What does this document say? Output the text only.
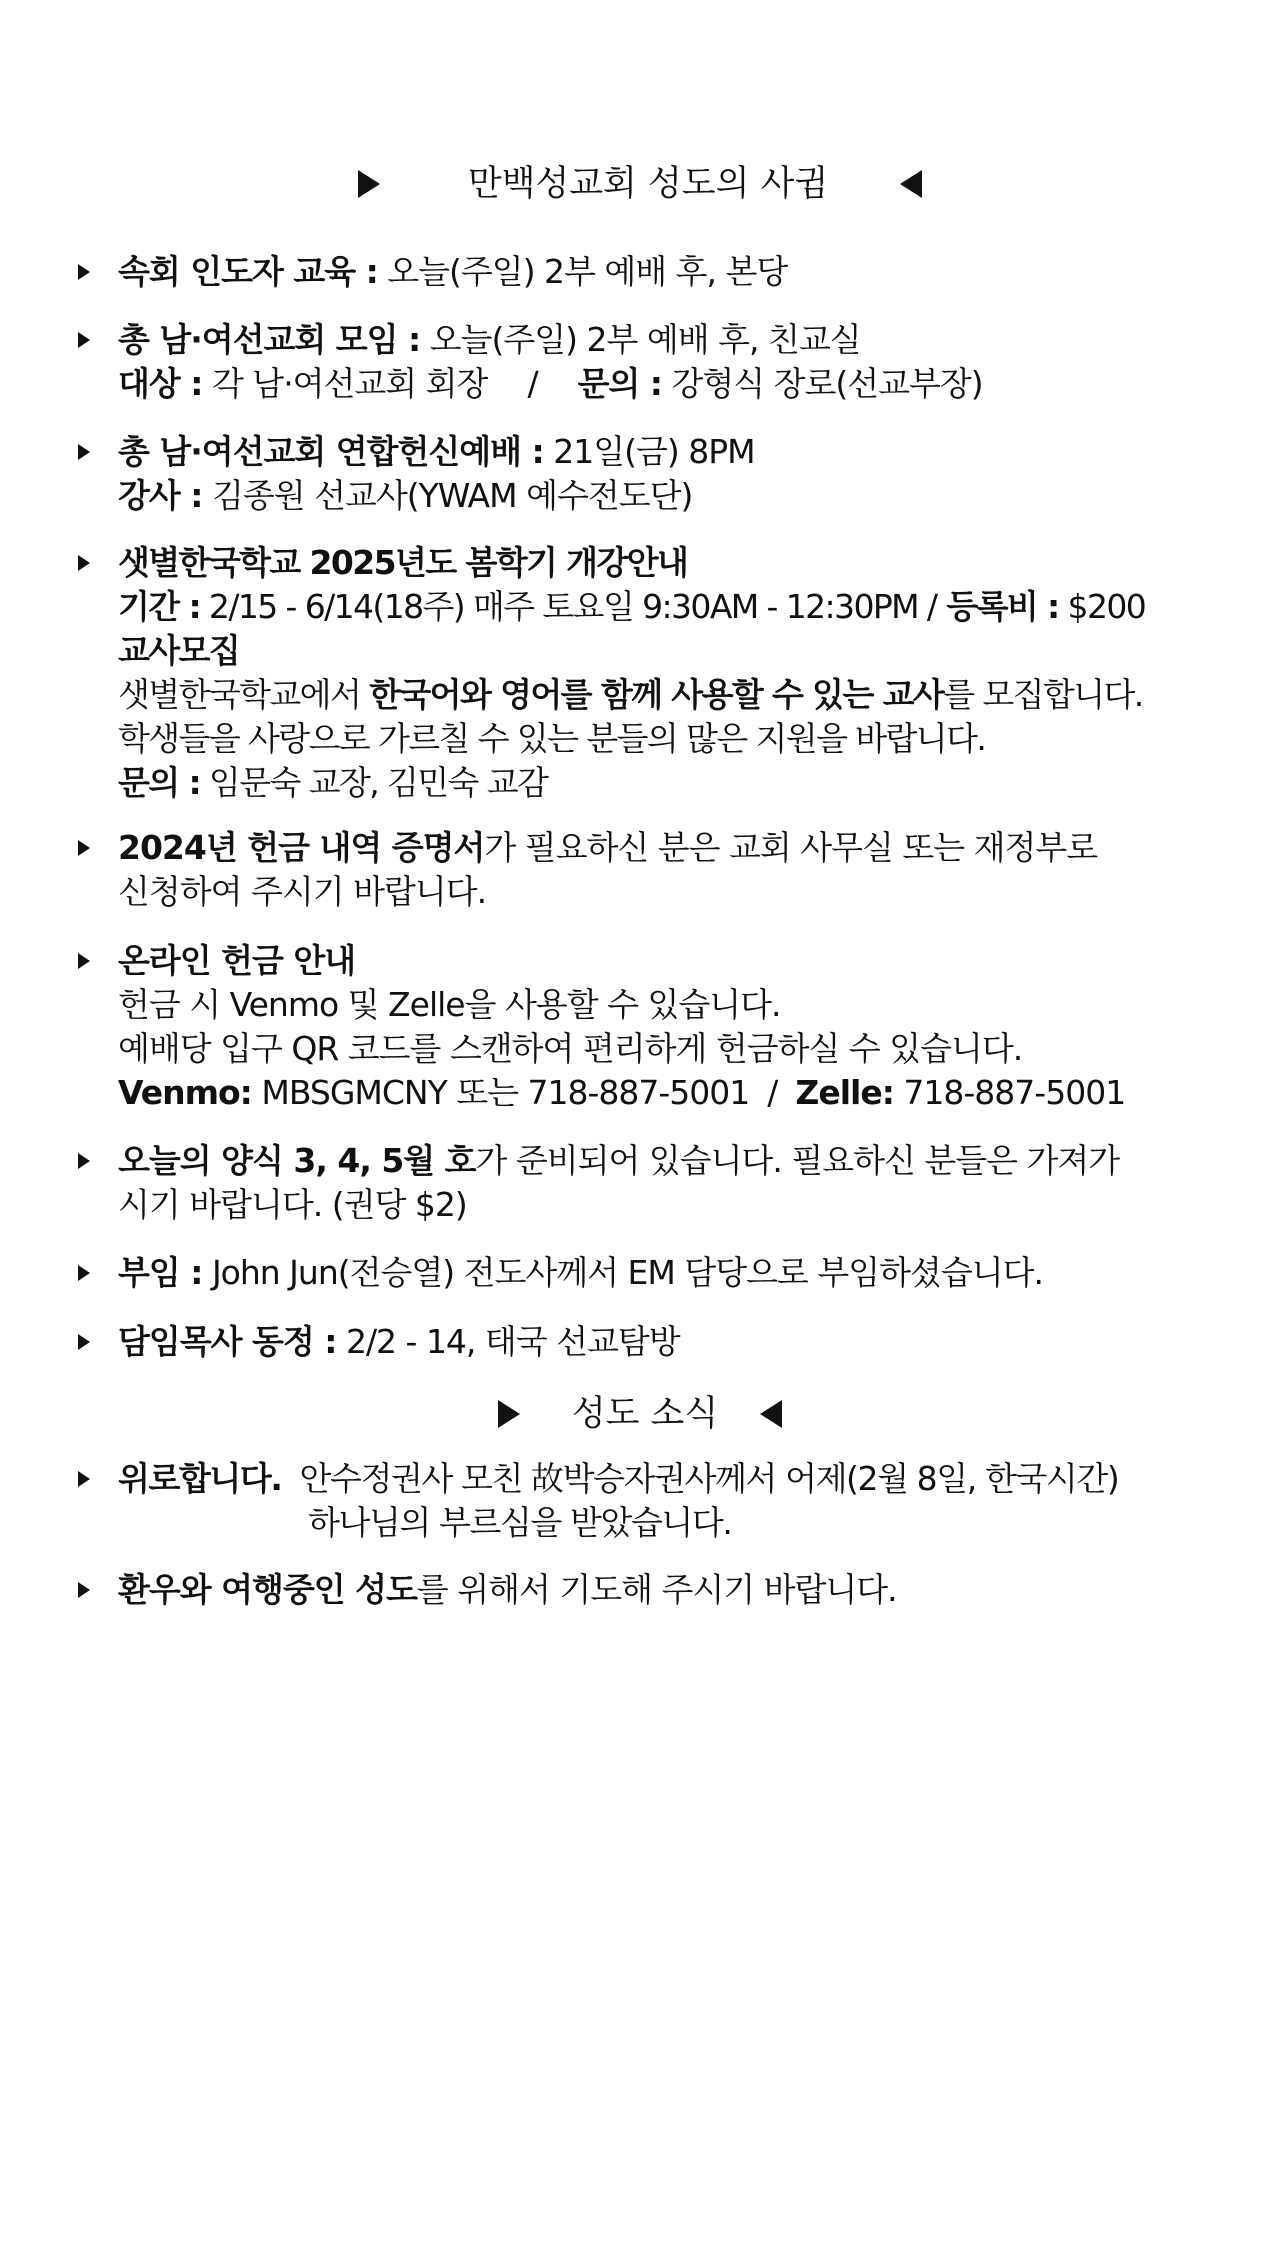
만백성교회 성도의 사귐
속회 인도자 교육 : 오늘(주일) 2부 예배 후, 본당
총 남·여선교회 모임 : 오늘(주일) 2부 예배 후, 친교실
대상 : 각 남·여선교회 회장 / 문의 : 강형식 장로(선교부장)
총 남·여선교회 연합헌신예배 : 21일(금) 8PM
강사 : 김종원 선교사(YWAM 예수전도단)
샛별한국학교 2025년도 봄학기 개강안내
기간 : 2/15 - 6/14(18주) 매주 토요일 9:30AM - 12:30PM / 등록비 : $200
교사모집
샛별한국학교에서 한국어와 영어를 함께 사용할 수 있는 교사를 모집합니다.
학생들을 사랑으로 가르칠 수 있는 분들의 많은 지원을 바랍니다.
문의 : 임문숙 교장, 김민숙 교감
2024년 헌금 내역 증명서가 필요하신 분은 교회 사무실 또는 재정부로
신청하여 주시기 바랍니다.
온라인 헌금 안내
헌금 시 Venmo 및 Zelle을 사용할 수 있습니다.
예배당 입구 QR 코드를 스캔하여 편리하게 헌금하실 수 있습니다.
Venmo: MBSGMCNY 또는 718-887-5001 / Zelle: 718-887-5001
오늘의 양식 3, 4, 5월 호가 준비되어 있습니다. 필요하신 분들은 가져가
시기 바랍니다. (권당 $2)
부임 : John Jun(전승열) 전도사께서 EM 담당으로 부임하셨습니다.
담임목사 동정 : 2/2 - 14, 태국 선교탐방
성도 소식
위로합니다. 안수정권사 모친 故박승자권사께서 어제(2월 8일, 한국시간)
하나님의 부르심을 받았습니다.
환우와 여행중인 성도를 위해서 기도해 주시기 바랍니다.
